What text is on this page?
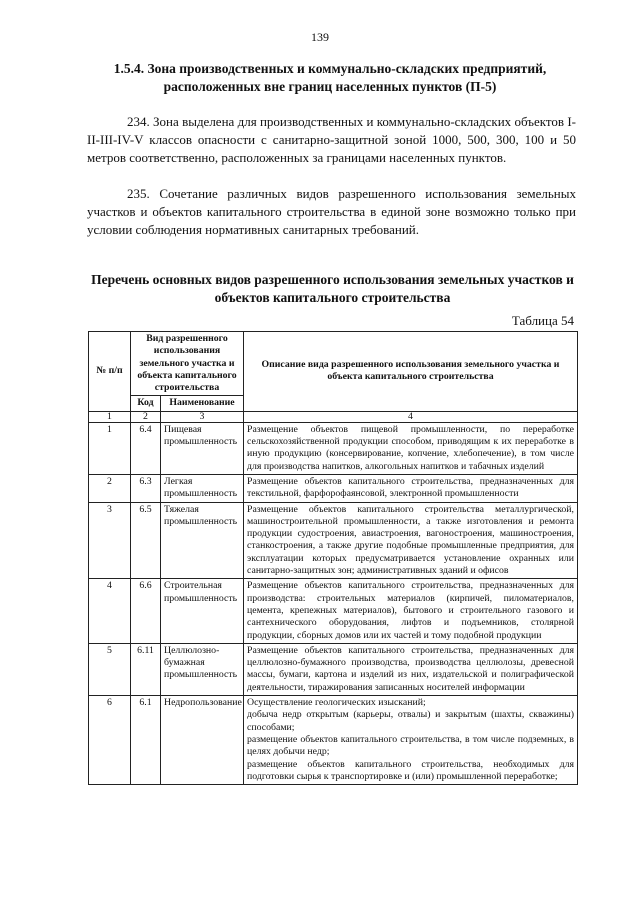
139
1.5.4. Зона производственных и коммунально-складских предприятий, расположенных вне границ населенных пунктов (П-5)
234. Зона выделена для производственных и коммунально-складских объектов I- II-III-IV-V классов опасности с санитарно-защитной зоной 1000, 500, 300, 100 и 50 метров соответственно, расположенных за границами населенных пунктов.
235. Сочетание различных видов разрешенного использования земельных участков и объектов капитального строительства в единой зоне возможно только при условии соблюдения нормативных санитарных требований.
Перечень основных видов разрешенного использования земельных участков и объектов капитального строительства
Таблица 54
№ п/п	Вид разрешенного использования земельного участка и объекта капитального строительства		Описание вида разрешенного использования земельного участка и объекта капитального строительства
	Код	Наименование	
1	2	3	4
1	6.4	Пищевая промышленность	Размещение объектов пищевой промышленности, по переработке сельскохозяйственной продукции способом, приводящим к их переработке в иную продукцию (консервирование, копчение, хлебопечение), в том числе для производства напитков, алкогольных напитков и табачных изделий

2	6.3	Легкая промышленность	Размещение объектов капитального строительства, предназначенных для текстильной, фарфорофаянсовой, электронной промышленности

3	6.5	Тяжелая промышленность	Размещение объектов капитального строительства металлургической, машиностроительной промышленности, а также изготовления и ремонта продукции судостроения, авиастроения, вагоностроения, машиностроения, станкостроения, а также другие подобные промышленные предприятия, для эксплуатации которых предусматривается установление охранных или санитарно-защитных зон; административных зданий и офисов

4	6.6	Строительная промышленность	Размещение объектов капитального строительства, предназначенных для производства: строительных материалов (кирпичей, пиломатериалов, цемента, крепежных материалов), бытового и строительного газового и сантехнического оборудования, лифтов и подъемников, столярной продукции, сборных домов или их частей и тому подобной продукции

5	6.11	Целлюлозно-бумажная промышленность	Размещение объектов капитального строительства, предназначенных для целлюлозно-бумажного производства, производства целлюлозы, древесной массы, бумаги, картона и изделий из них, издательской и полиграфической деятельности, тиражирования записанных носителей информации

6	6.1	Недропользование	Осуществление геологических изысканий;
добыча недр открытым (карьеры, отвалы) и закрытым (шахты, скважины) способами;
размещение объектов капитального строительства, в том числе подземных, в целях добычи недр;
размещение объектов капитального строительства, необходимых для подготовки сырья к транспортировке и (или) промышленной переработке;
